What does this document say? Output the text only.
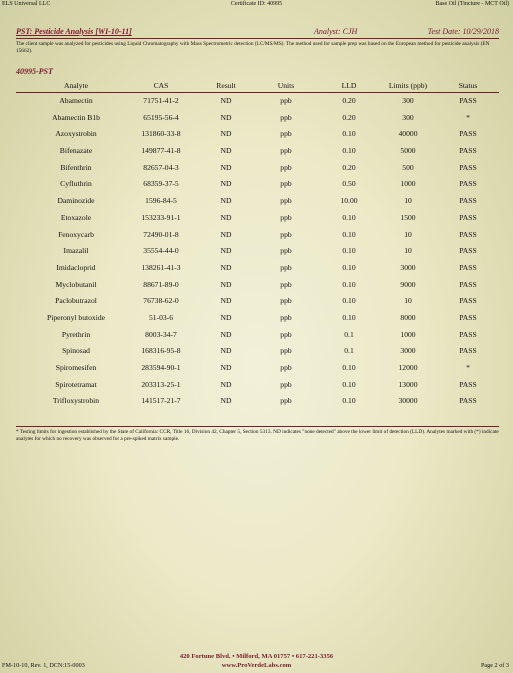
ELS Universal LLC	Certificate ID: 40995	Base Oil (Tincture - MCT Oil)
PST: Pesticide Analysis [WI-10-11]	Analyst: CJH	Test Date: 10/29/2018
The client sample was analyzed for pesticides using Liquid Chromatography with Mass Spectrometric detection (LC/MS/MS). The method used for sample prep was based on the European method for pesticide analysis (EN 15662).
40995-PST
Analyte	CAS	Result	Units	LLD	Limits (ppb)	Status
Abamectin	71751-41-2	ND	ppb	0.20	300	PASS
Abamectin B1b	65195-56-4	ND	ppb	0.20	300	*
Azoxystrobin	131860-33-8	ND	ppb	0.10	40000	PASS
Bifenazate	149877-41-8	ND	ppb	0.10	5000	PASS
Bifenthrin	82657-04-3	ND	ppb	0.20	500	PASS
Cyfluthrin	68359-37-5	ND	ppb	0.50	1000	PASS
Daminozide	1596-84-5	ND	ppb	10.00	10	PASS
Etoxazole	153233-91-1	ND	ppb	0.10	1500	PASS
Fenoxycarb	72490-01-8	ND	ppb	0.10	10	PASS
Imazalil	35554-44-0	ND	ppb	0.10	10	PASS
Imidacloprid	138261-41-3	ND	ppb	0.10	3000	PASS
Myclobutanil	88671-89-0	ND	ppb	0.10	9000	PASS
Paclobutrazol	76738-62-0	ND	ppb	0.10	10	PASS
Piperonyl butoxide	51-03-6	ND	ppb	0.10	8000	PASS
Pyrethrin	8003-34-7	ND	ppb	0.1	1000	PASS
Spinosad	168316-95-8	ND	ppb	0.1	3000	PASS
Spiromesifen	283594-90-1	ND	ppb	0.10	12000	*
Spirotetramat	203313-25-1	ND	ppb	0.10	13000	PASS
Trifloxystrobin	141517-21-7	ND	ppb	0.10	30000	PASS
* Testing limits for ingestion established by the State of California: CCR, Title 16, Division 42, Chapter 5, Section 5313. ND indicates "none detected" above the lower limit of detection (LLD). Analytes marked with (*) indicate analytes for which no recovery was observed for a pre-spiked matrix sample.
420 Fortune Blvd. • Milford, MA 01757 • 617-221-3356
www.ProVerdeLabs.com
FM-10-10, Rev. 1, DCN:15-0003	Page 2 of 3
